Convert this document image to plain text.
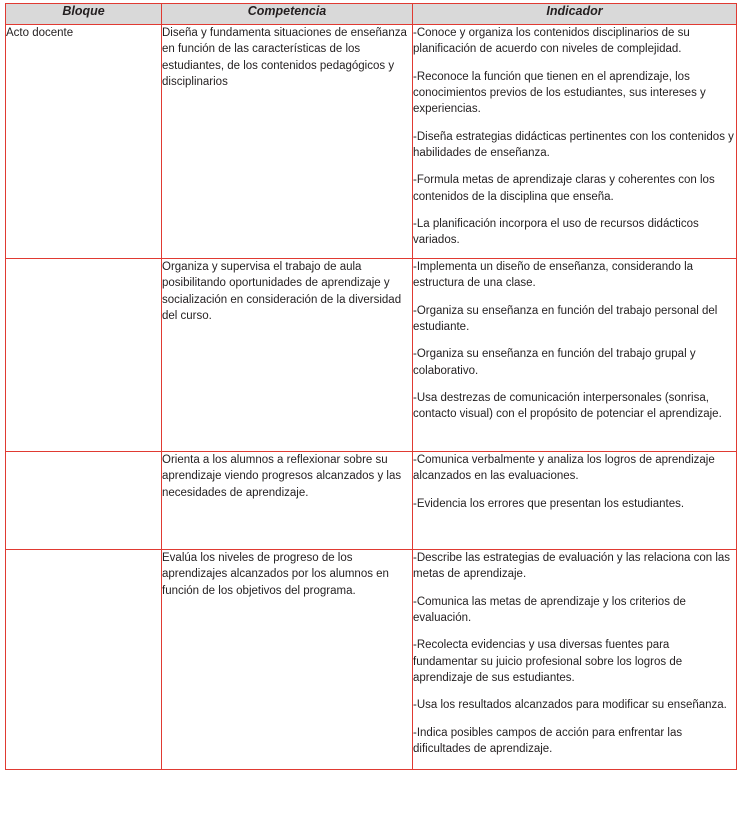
Bloque	Competencia	Indicador

Acto docente	Diseña y fundamenta situaciones de enseñanza en función de las características de los estudiantes, de los contenidos pedagógicos y disciplinarios	-Conoce y organiza los contenidos disciplinarios de su planificación de acuerdo con niveles de complejidad.

-Reconoce la función que tienen en el aprendizaje, los conocimientos previos de los estudiantes, sus intereses y experiencias.

-Diseña estrategias didácticas pertinentes con los contenidos y habilidades de enseñanza.

-Formula metas de aprendizaje claras y coherentes con los contenidos de la disciplina que enseña.

-La planificación incorpora el uso de recursos didácticos variados.

	Organiza y supervisa el trabajo de aula posibilitando oportunidades de aprendizaje y socialización en consideración de la diversidad del curso.	-Implementa un diseño de enseñanza, considerando la estructura de una clase.

-Organiza su enseñanza en función del trabajo personal del estudiante.

-Organiza su enseñanza en función del trabajo grupal y colaborativo.

-Usa destrezas de comunicación interpersonales (sonrisa, contacto visual) con el propósito de potenciar el aprendizaje.

	Orienta a los alumnos a reflexionar sobre su aprendizaje viendo progresos alcanzados y las necesidades de aprendizaje.	-Comunica verbalmente y analiza los logros de aprendizaje alcanzados en las evaluaciones.

-Evidencia los errores que presentan los estudiantes.

	Evalúa los niveles de progreso de los aprendizajes alcanzados por los alumnos en función de los objetivos del programa.	-Describe las estrategias de evaluación y las relaciona con las metas de aprendizaje.

-Comunica las metas de aprendizaje y los criterios de evaluación.

-Recolecta evidencias y usa diversas fuentes para fundamentar su juicio profesional sobre los logros de aprendizaje de sus estudiantes.

-Usa los resultados alcanzados para modificar su enseñanza.

-Indica posibles campos de acción para enfrentar las dificultades de aprendizaje.
